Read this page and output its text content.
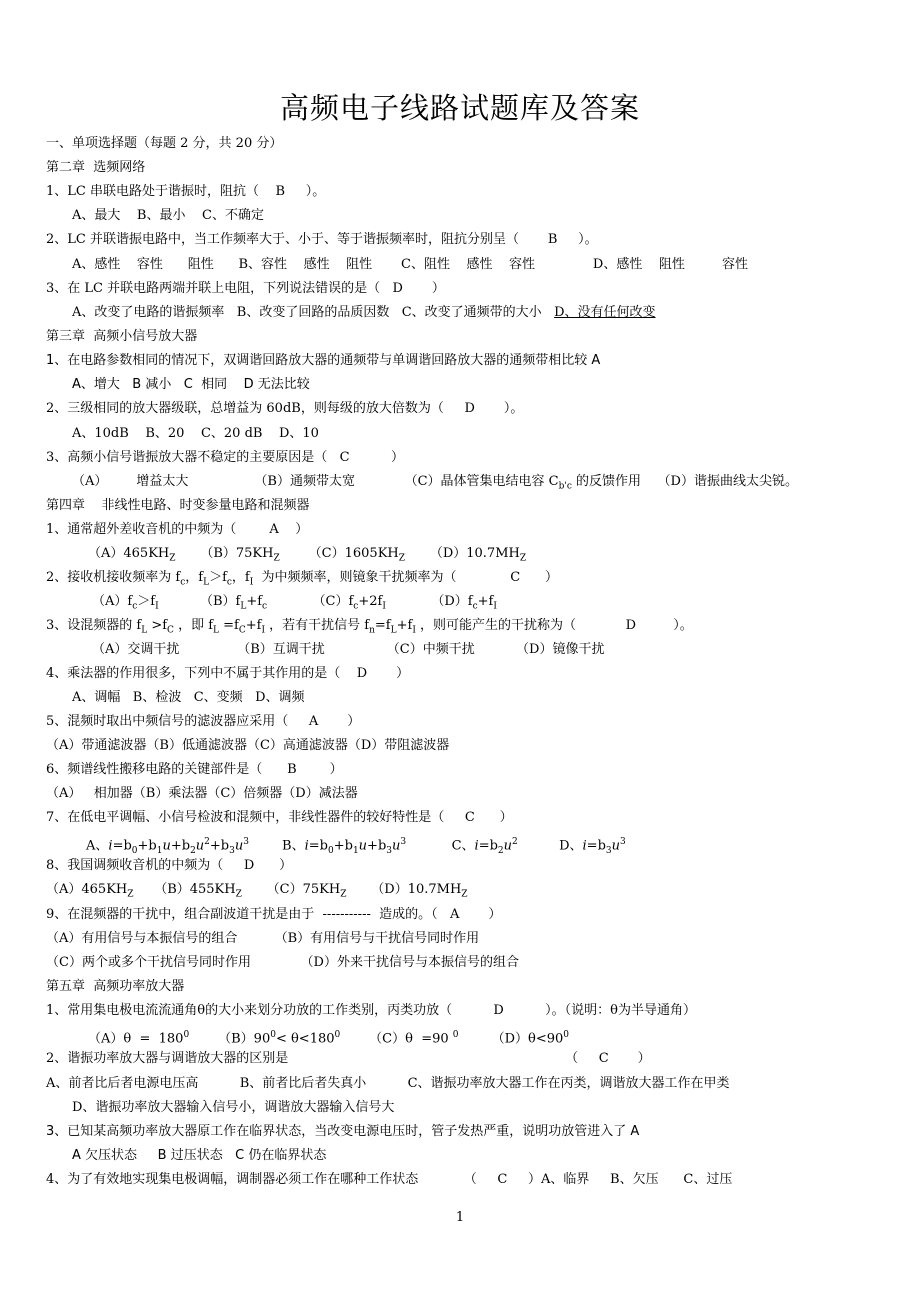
高频电子线路试题库及答案
一、单项选择题（每题 2 分，共 20 分）
第二章  选频网络
1、LC 串联电路处于谐振时，阻抗（    B     ）。
A、最大    B、最小    C、不确定
2、LC 并联谐振电路中，当工作频率大于、小于、等于谐振频率时，阻抗分别呈（       B     ）。
A、感性    容性      阻性      B、容性    感性    阻性       C、阻性    感性    容性              D、感性    阻性         容性
3、在 LC 并联电路两端并联上电阻，下列说法错误的是（   D       ）
A、改变了电路的谐振频率   B、改变了回路的品质因数   C、改变了通频带的大小   D、没有任何改变
第三章  高频小信号放大器
1、在电路参数相同的情况下，双调谐回路放大器的通频带与单调谐回路放大器的通频带相比较 A
A、增大   B 减小   C  相同    D 无法比较
2、三级相同的放大器级联，总增益为 60dB，则每级的放大倍数为（     D       ）。
A、10dB    B、20    C、20 dB    D、10
3、高频小信号谐振放大器不稳定的主要原因是（   C          ）
（A）       增益太大                （B）通频带太宽            （C）晶体管集电结电容 $C_{b'c}$ 的反馈作用    （D）谐振曲线太尖锐。
第四章    非线性电路、时变参量电路和混频器
1、通常超外差收音机的中频为（        A    ）
$(A)465KH_Z$      $(B)75KH_Z$       $(C)1605KH_Z$      $(D)10.7MH_Z$
2、接收机接收频率为 $f_c$，$f_L>f_c$，$f_I$  为中频频率，则镜象干扰频率为（             C      ）
$(A)f_c>f_I$          $(B)f_L+f_c$           $(C)f_c+2f_I$           $(D)f_c+f_I$
3、设混频器的 $f_L >f_C$ ，即 $f_L =f_C+f_I$ ，若有干扰信号 $f_n=f_L+f_I$ ，则可能产生的干扰称为（            D         ）。
（A）交调干扰              （B）互调干扰               （C）中频干扰          （D）镜像干扰
4、乘法器的作用很多，下列中不属于其作用的是（    D       ）
A、调幅   B、检波   C、变频   D、调频
5、混频时取出中频信号的滤波器应采用（     A       ）
（A）带通滤波器（B）低通滤波器（C）高通滤波器（D）带阻滤波器
6、频谱线性搬移电路的关键部件是（      B        ）
（A）   相加器（B）乘法器（C）倍频器（D）减法器
7、在低电平调幅、小信号检波和混频中，非线性器件的较好特性是（     C      ）
A、$i=b_0+b_1u+b_2u^2+b_3u^3$        B、$i=b_0+b_1u+b_3u^3$           C、$i=b_2u^2$          D、$i=b_3u^3$
8、我国调频收音机的中频为（     D      ）
$(A)465KH_Z$     $(B)455KH_Z$      $(C)75KH_Z$      $(D)10.7MH_Z$
9、在混频器的干扰中，组合副波道干扰是由于  -----------  造成的。（   A       ）
（A）有用信号与本振信号的组合         （B）有用信号与干扰信号同时作用
（C）两个或多个干扰信号同时作用            （D）外来干扰信号与本振信号的组合
第五章  高频功率放大器
1、常用集电极电流流通角θ的大小来划分功放的工作类别，丙类功放（          D          ）。（说明：θ为半导通角）
$(A)\theta = 180^0$       $(B)90^0< \theta<180^0$       （C）θ  =90 $^0$        $(D)\theta<90^0$
2、谐振功率放大器与调谐放大器的区别是                                                                   （     C       ）
A、前者比后者电源电压高          B、前者比后者失真小          C、谐振功率放大器工作在丙类，调谐放大器工作在甲类
D、谐振功率放大器输入信号小，调谐放大器输入信号大
3、已知某高频功率放大器原工作在临界状态，当改变电源电压时，管子发热严重，说明功放管进入了 A
A 欠压状态     B 过压状态   C 仍在临界状态
4、为了有效地实现集电极调幅，调制器必须工作在哪种工作状态           （     C     ）A、临界     B、欠压      C、过压
1
